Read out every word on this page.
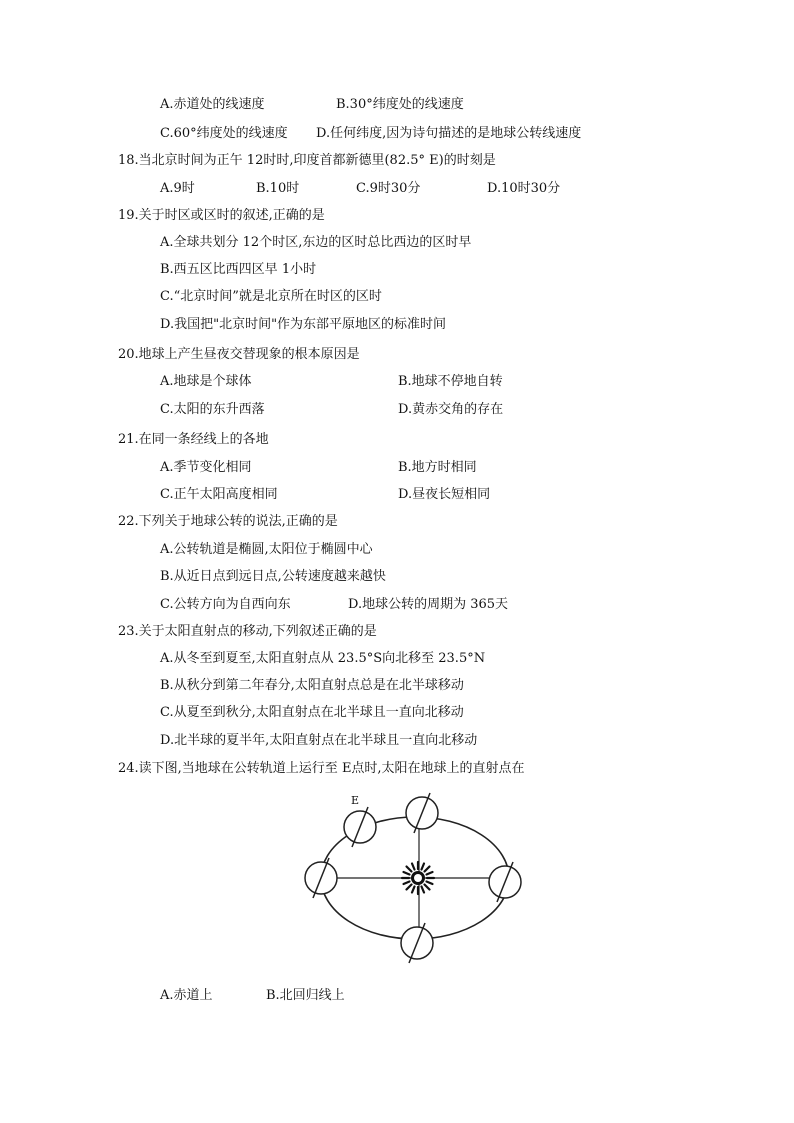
A.赤道处的线速度	B.30°纬度处的线速度
C.60°纬度处的线速度 D.任何纬度,因为诗句描述的是地球公转线速度
18.当北京时间为正午 12时时,印度首都新德里(82.5° E)的时刻是
A.9时	B.10时	C.9时30分	D.10时30分
19.关于时区或区时的叙述,正确的是
A.全球共划分 12个时区,东边的区时总比西边的区时早
B.西五区比西四区早 1小时
C.“北京时间”就是北京所在时区的区时
D.我国把"北京时间"作为东部平原地区的标准时间
20.地球上产生昼夜交替现象的根本原因是
A.地球是个球体	B.地球不停地自转
C.太阳的东升西落	D.黄赤交角的存在
21.在同一条经线上的各地
A.季节变化相同	B.地方时相同
C.正午太阳高度相同	D.昼夜长短相同
22.下列关于地球公转的说法,正确的是
A.公转轨道是椭圆,太阳位于椭圆中心
B.从近日点到远日点,公转速度越来越快
C.公转方向为自西向东	D.地球公转的周期为 365天
23.关于太阳直射点的移动,下列叙述正确的是
A.从冬至到夏至,太阳直射点从 23.5°S向北移至 23.5°N
B.从秋分到第二年春分,太阳直射点总是在北半球移动
C.从夏至到秋分,太阳直射点在北半球且一直向北移动
D.北半球的夏半年,太阳直射点在北半球且一直向北移动
24.读下图,当地球在公转轨道上运行至 E点时,太阳在地球上的直射点在
E
A.赤道上	B.北回归线上
